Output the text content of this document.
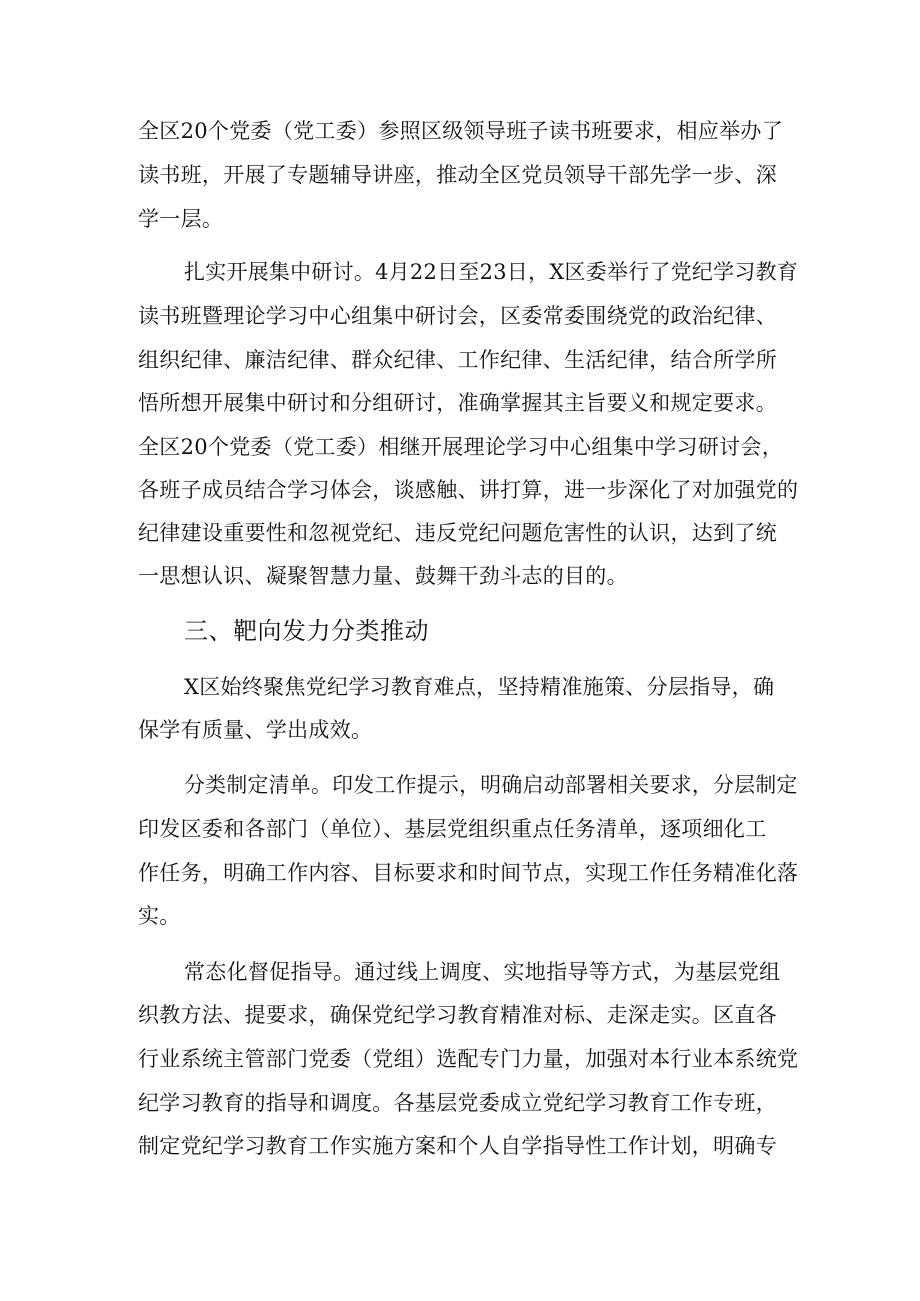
全区20个党委（党工委）参照区级领导班子读书班要求，相应举办了
读书班，开展了专题辅导讲座，推动全区党员领导干部先学一步、深
学一层。
扎实开展集中研讨。4月22日至23日，X区委举行了党纪学习教育
读书班暨理论学习中心组集中研讨会，区委常委围绕党的政治纪律、
组织纪律、廉洁纪律、群众纪律、工作纪律、生活纪律，结合所学所
悟所想开展集中研讨和分组研讨，准确掌握其主旨要义和规定要求。
全区20个党委（党工委）相继开展理论学习中心组集中学习研讨会，
各班子成员结合学习体会，谈感触、讲打算，进一步深化了对加强党的
纪律建设重要性和忽视党纪、违反党纪问题危害性的认识，达到了统
一思想认识、凝聚智慧力量、鼓舞干劲斗志的目的。
三、靶向发力分类推动
X区始终聚焦党纪学习教育难点，坚持精准施策、分层指导，确
保学有质量、学出成效。
分类制定清单。印发工作提示，明确启动部署相关要求，分层制定
印发区委和各部门（单位）、基层党组织重点任务清单，逐项细化工
作任务，明确工作内容、目标要求和时间节点，实现工作任务精准化落
实。
常态化督促指导。通过线上调度、实地指导等方式，为基层党组
织教方法、提要求，确保党纪学习教育精准对标、走深走实。区直各
行业系统主管部门党委（党组）选配专门力量，加强对本行业本系统党
纪学习教育的指导和调度。各基层党委成立党纪学习教育工作专班，
制定党纪学习教育工作实施方案和个人自学指导性工作计划，明确专
